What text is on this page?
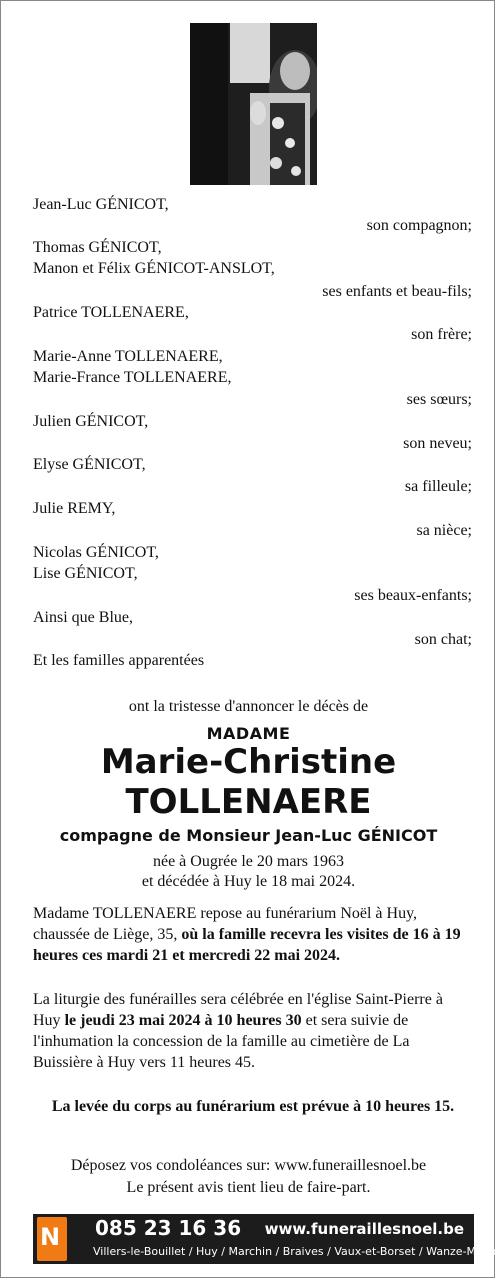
Jean-Luc GÉNICOT,
son compagnon;
Thomas GÉNICOT,
Manon et Félix GÉNICOT-ANSLOT,
ses enfants et beau-fils;
Patrice TOLLENAERE,
son frère;
Marie-Anne TOLLENAERE,
Marie-France TOLLENAERE,
ses sœurs;
Julien GÉNICOT,
son neveu;
Elyse GÉNICOT,
sa filleule;
Julie REMY,
sa nièce;
Nicolas GÉNICOT,
Lise GÉNICOT,
ses beaux-enfants;
Ainsi que Blue,
son chat;
Et les familles apparentées
ont la tristesse d'annoncer le décès de
MADAME
Marie-Christine
TOLLENAERE
compagne de Monsieur Jean-Luc GÉNICOT
née à Ougrée le 20 mars 1963
et décédée à Huy le 18 mai 2024.
Madame TOLLENAERE repose au funérarium Noël à Huy, chaussée de Liège, 35, où la famille recevra les visites de 16 à 19 heures ces mardi 21 et mercredi 22 mai 2024.
La liturgie des funérailles sera célébrée en l'église Saint-Pierre à Huy le jeudi 23 mai 2024 à 10 heures 30 et sera suivie de l'inhumation la concession de la famille au cimetière de La Buissière à Huy vers 11 heures 45.
La levée du corps au funérarium est prévue à 10 heures 15.
Déposez vos condoléances sur: www.funeraillesnoel.be
Le présent avis tient lieu de faire-part.
N 085 23 16 36 www.funeraillesnoel.be
Villers-le-Bouillet / Huy / Marchin / Braives / Vaux-et-Borset / Wanze-Moha
